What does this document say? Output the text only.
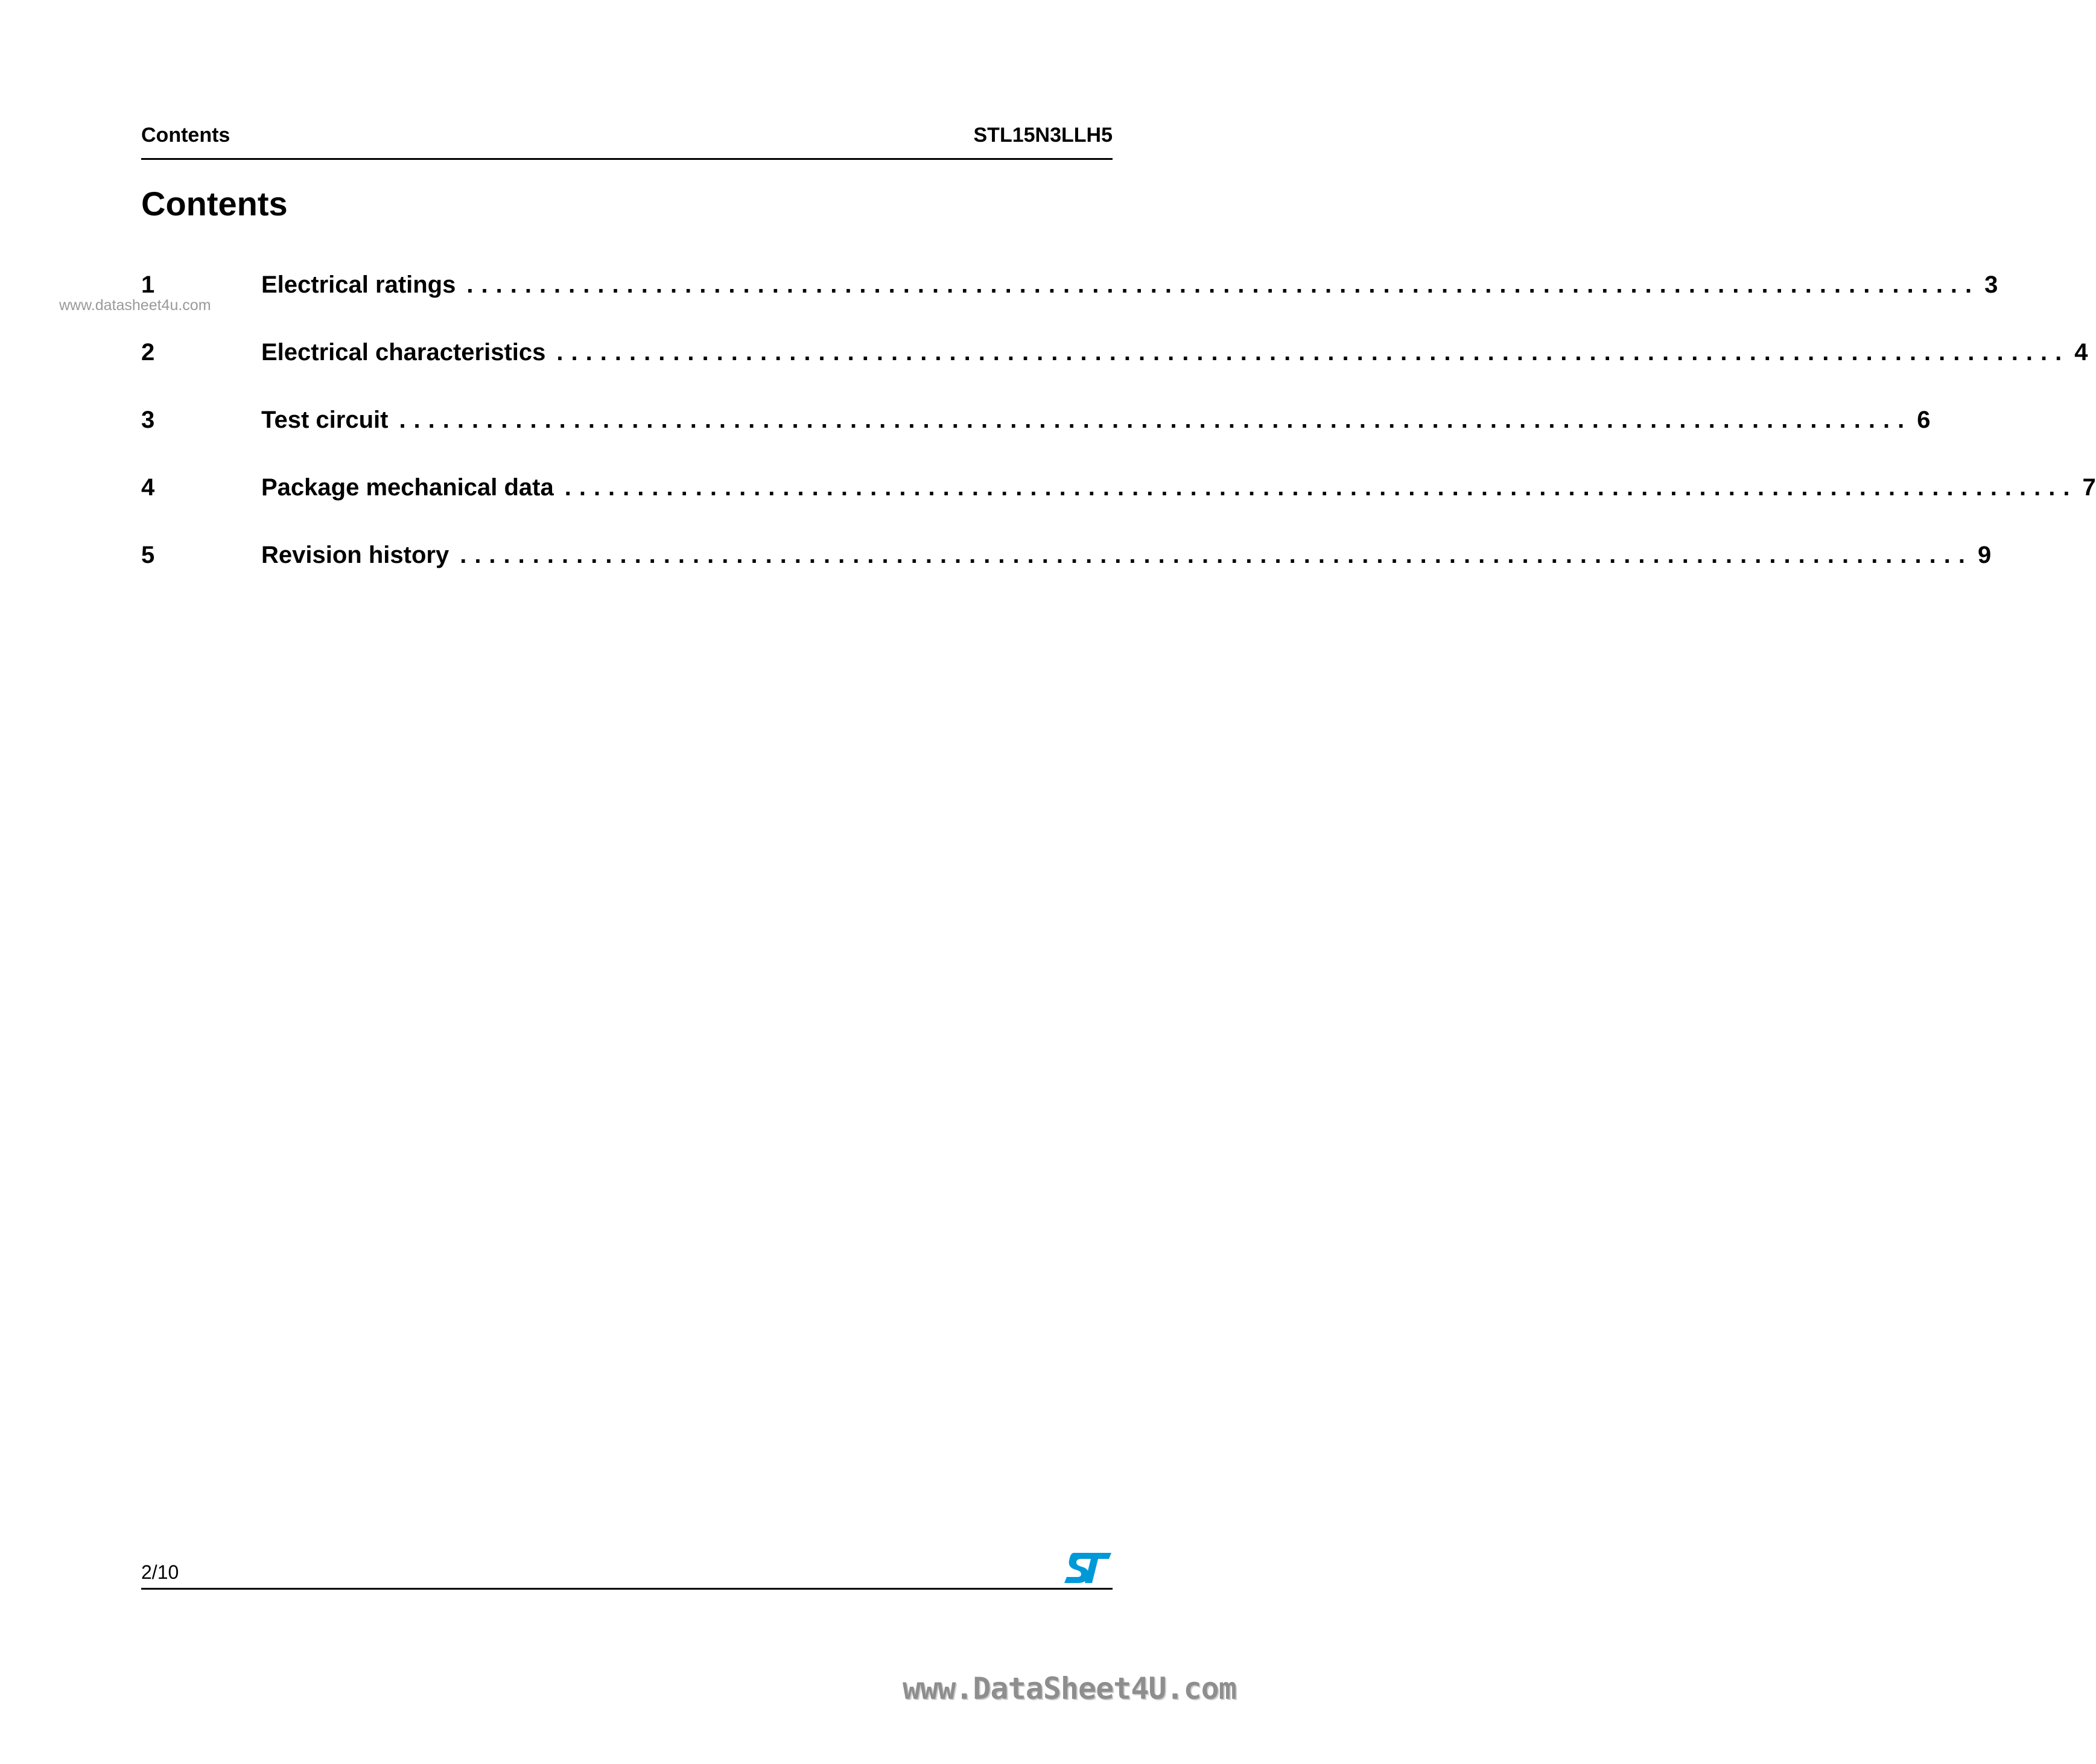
Contents	STL15N3LLH5
Contents
www.datasheet4u.com
1	Electrical ratings ........................................................................................................ 3
2	Electrical characteristics ........................................................................................................ 4
3	Test circuit ........................................................................................................ 6
4	Package mechanical data ........................................................................................................ 7
5	Revision history ........................................................................................................ 9
2/10
www.DataSheet4U.com
